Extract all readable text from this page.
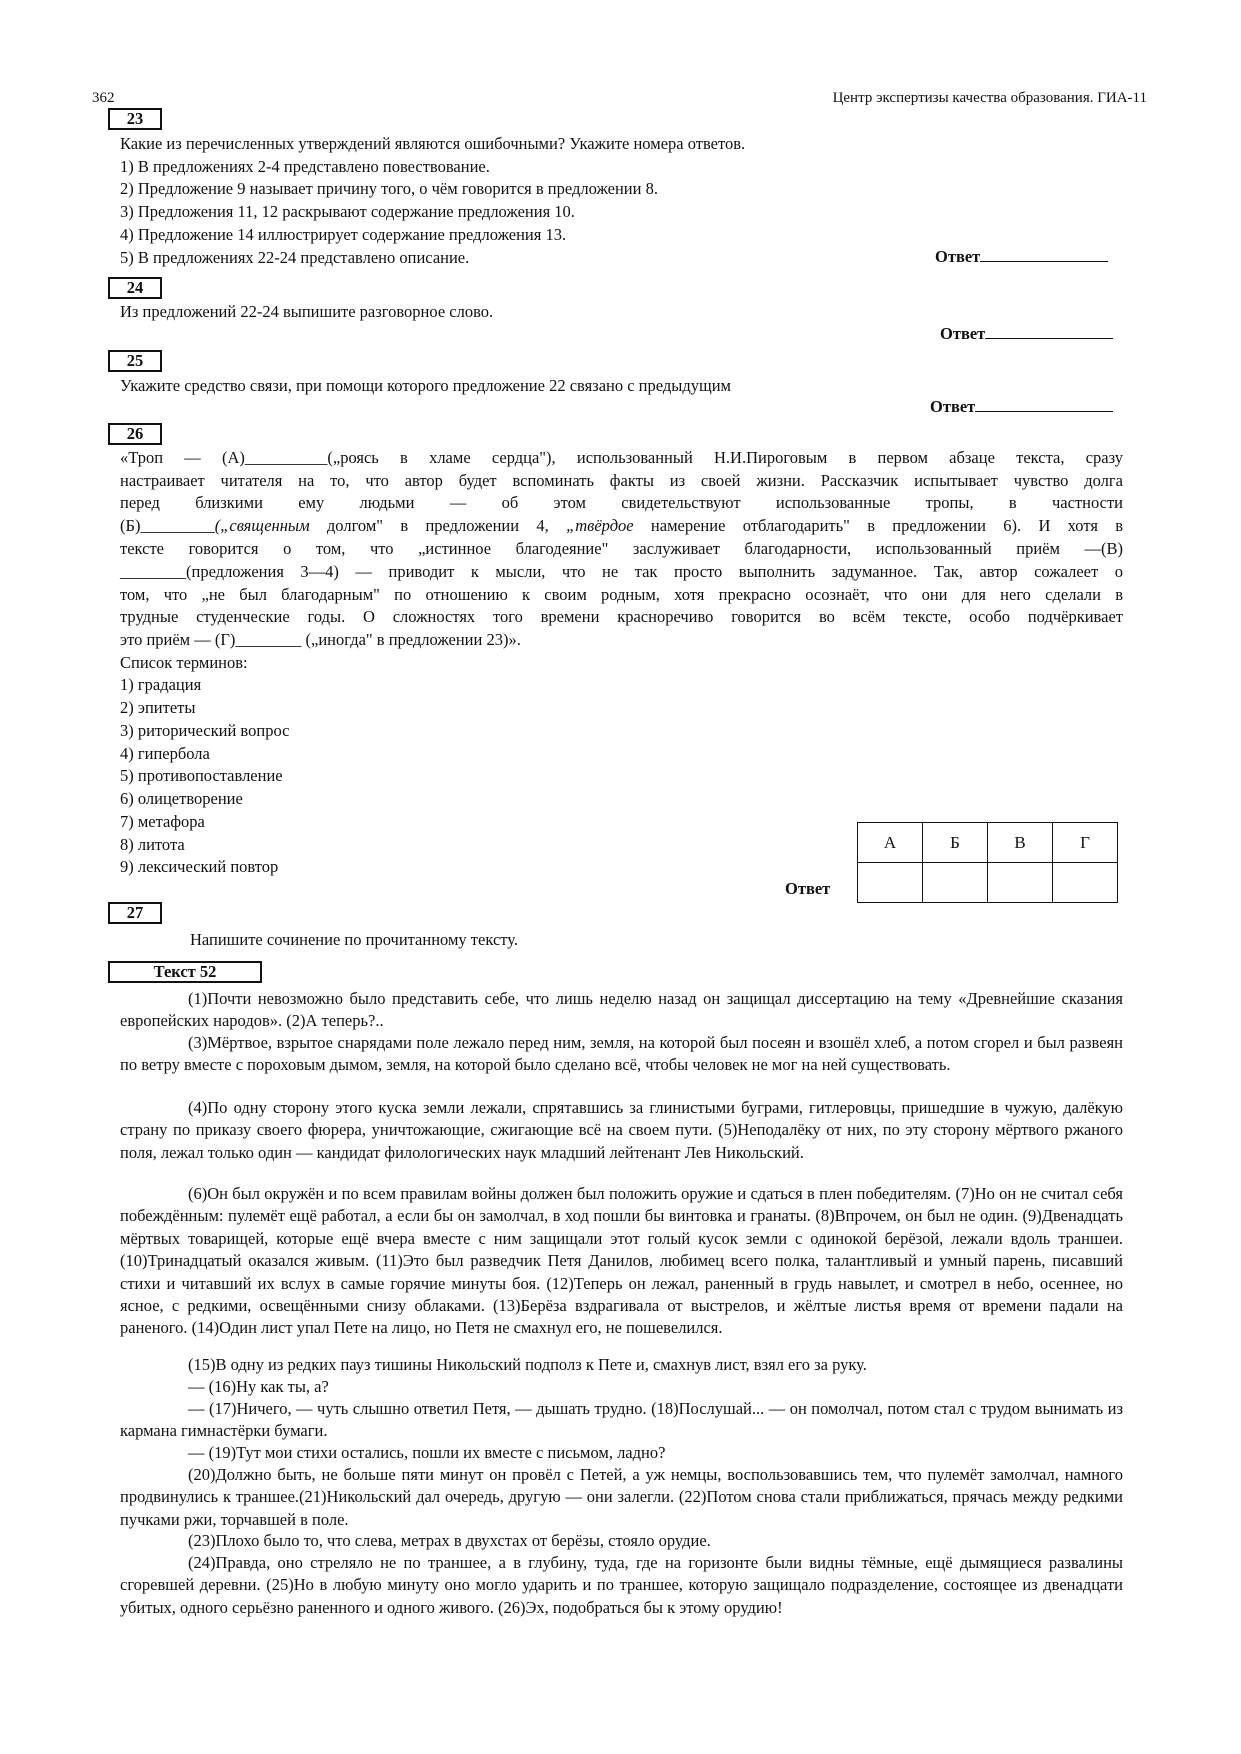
362	Центр экспертизы качества образования. ГИА-11
23
Какие из перечисленных утверждений являются ошибочными? Укажите номера ответов.
1) В предложениях 2-4 представлено повествование.
2) Предложение 9 называет причину того, о чём говорится в предложении 8.
3) Предложения 11, 12 раскрывают содержание предложения 10.
4) Предложение 14 иллюстрирует содержание предложения 13.
5) В предложениях 22-24 представлено описание.	Ответ
24
Из предложений 22-24 выпишите разговорное слово.
Ответ
25
Укажите средство связи, при помощи которого предложение 22 связано с предыдущим
Ответ
26
«Троп — (А)__________(„роясь в хламе сердца"), использованный Н.И.Пироговым в первом абзаце текста, сразу
настраивает читателя на то, что автор будет вспоминать факты из своей жизни. Рассказчик испытывает чувство долга
перед близкими ему людьми — об этом свидетельствуют использованные тропы, в частности
(Б)_________(„священным долгом" в предложении 4, „твёрдое намерение отблагодарить" в предложении 6). И хотя в
тексте говорится о том, что „истинное благодеяние" заслуживает благодарности, использованный приём —(В)
________(предложения 3—4) — приводит к мысли, что не так просто выполнить задуманное. Так, автор сожалеет о
том, что „не был благодарным" по отношению к своим родным, хотя прекрасно осознаёт, что они для него сделали в
трудные студенческие годы. О сложностях того времени красноречиво говорится во всём тексте, особо подчёркивает
это приём — (Г)________ („иногда" в предложении 23)».
Список терминов:
1) градация
2) эпитеты
3) риторический вопрос
4) гипербола
5) противопоставление
6) олицетворение
7) метафора
8) литота
9) лексический повтор
А	Б	В	Г

Ответ
27
Напишите сочинение по прочитанному тексту.
Текст 52
(1)Почти невозможно было представить себе, что лишь неделю назад он защищал диссертацию на тему «Древнейшие сказания европейских народов». (2)А теперь?..
(3)Мёртвое, взрытое снарядами поле лежало перед ним, земля, на которой был посеян и взошёл хлеб, а потом сгорел и был развеян по ветру вместе с пороховым дымом, земля, на которой было сделано всё, чтобы человек не мог на ней существовать.
(4)По одну сторону этого куска земли лежали, спрятавшись за глинистыми буграми, гитлеровцы, пришедшие в чужую, далёкую страну по приказу своего фюрера, уничтожающие, сжигающие всё на своем пути. (5)Неподалёку от них, по эту сторону мёртвого ржаного поля, лежал только один — кандидат филологических наук младший лейтенант Лев Никольский.
(6)Он был окружён и по всем правилам войны должен был положить оружие и сдаться в плен победителям. (7)Но он не считал себя побеждённым: пулемёт ещё работал, а если бы он замолчал, в ход пошли бы винтовка и гранаты. (8)Впрочем, он был не один. (9)Двенадцать мёртвых товарищей, которые ещё вчера вместе с ним защищали этот голый кусок земли с одинокой берёзой, лежали вдоль траншеи. (10)Тринадцатый оказался живым. (11)Это был разведчик Петя Данилов, любимец всего полка, талантливый и умный парень, писавший стихи и читавший их вслух в самые горячие минуты боя. (12)Теперь он лежал, раненный в грудь навылет, и смотрел в небо, осеннее, но ясное, с редкими, освещёнными снизу облаками. (13)Берёза вздрагивала от выстрелов, и жёлтые листья время от времени падали на раненого. (14)Один лист упал Пете на лицо, но Петя не смахнул его, не пошевелился.
(15)В одну из редких пауз тишины Никольский подполз к Пете и, смахнув лист, взял его за руку.
— (16)Ну как ты, а?
— (17)Ничего, — чуть слышно ответил Петя, — дышать трудно. (18)Послушай... — он помолчал, потом стал с трудом вынимать из кармана гимнастёрки бумаги.
— (19)Тут мои стихи остались, пошли их вместе с письмом, ладно?
(20)Должно быть, не больше пяти минут он провёл с Петей, а уж немцы, воспользовавшись тем, что пулемёт замолчал, намного продвинулись к траншее.(21)Никольский дал очередь, другую — они залегли. (22)Потом снова стали приближаться, прячась между редкими пучками ржи, торчавшей в поле.
(23)Плохо было то, что слева, метрах в двухстах от берёзы, стояло орудие.
(24)Правда, оно стреляло не по траншее, а в глубину, туда, где на горизонте были видны тёмные, ещё дымящиеся развалины сгоревшей деревни. (25)Но в любую минуту оно могло ударить и по траншее, которую защищало подразделение, состоящее из двенадцати убитых, одного серьёзно раненного и одного живого. (26)Эх, подобраться бы к этому орудию!
